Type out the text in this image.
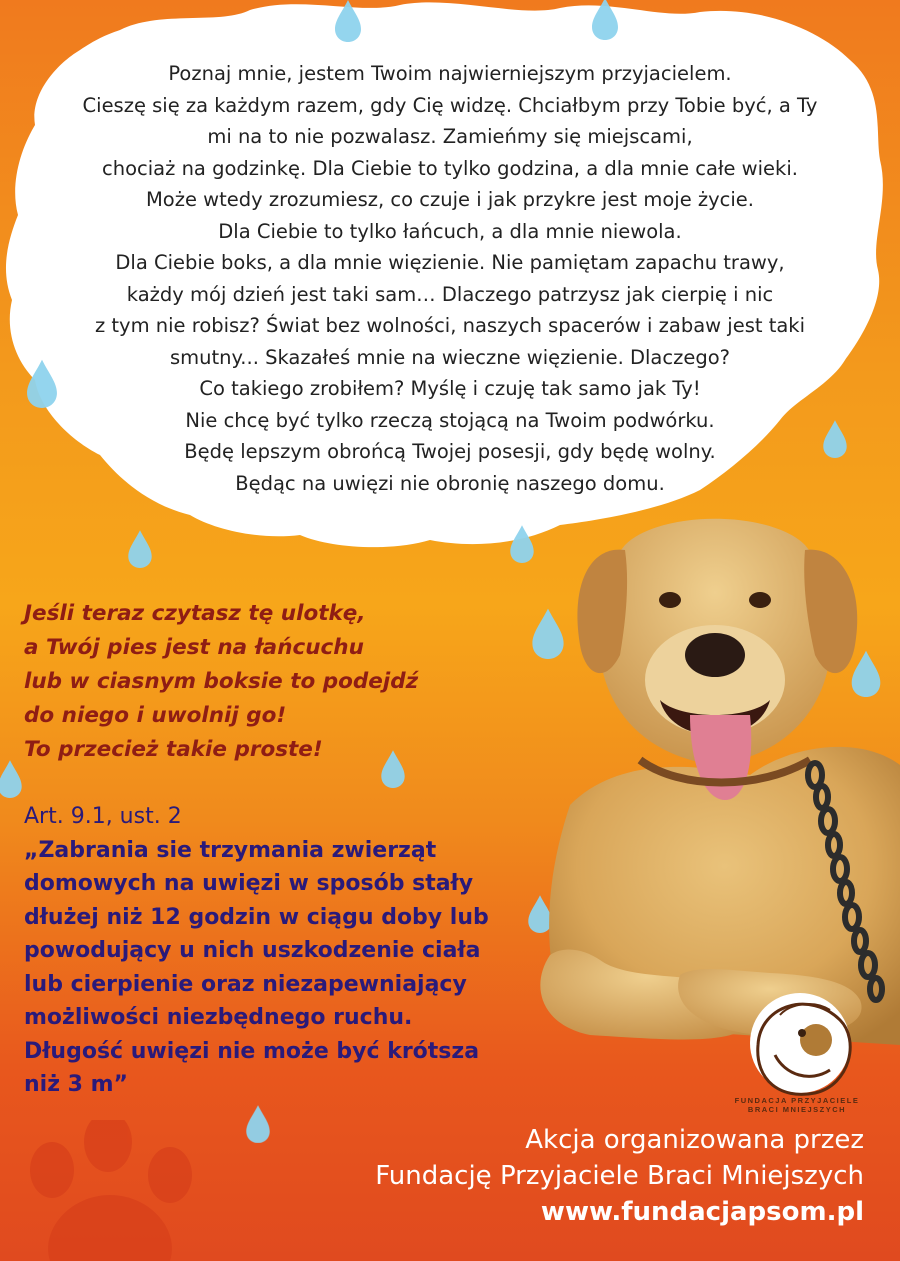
FUNDACJA PRZYJACIELE
BRACI MNIEJSZYCH
Poznaj mnie, jestem Twoim najwierniejszym przyjacielem.
Cieszę się za każdym razem, gdy Cię widzę. Chciałbym przy Tobie być, a Ty
mi na to nie pozwalasz. Zamieńmy się miejscami,
chociaż na godzinkę. Dla Ciebie to tylko godzina, a dla mnie całe wieki.
Może wtedy zrozumiesz, co czuje i jak przykre jest moje życie.
Dla Ciebie to tylko łańcuch, a dla mnie niewola.
Dla Ciebie boks, a dla mnie więzienie. Nie pamiętam zapachu trawy,
każdy mój dzień jest taki sam… Dlaczego patrzysz jak cierpię i nic
z tym nie robisz? Świat bez wolności, naszych spacerów i zabaw jest taki
smutny... Skazałeś mnie na wieczne więzienie. Dlaczego?
Co takiego zrobiłem? Myślę i czuję tak samo jak Ty!
Nie chcę być tylko rzeczą stojącą na Twoim podwórku.
Będę lepszym obrońcą Twojej posesji, gdy będę wolny.
Będąc na uwięzi nie obronię naszego domu.
Jeśli teraz czytasz tę ulotkę,
a Twój pies jest na łańcuchu
lub w ciasnym boksie to podejdź
do niego i uwolnij go!
To przecież takie proste!
Art. 9.1, ust. 2
„Zabrania sie trzymania zwierząt
domowych na uwięzi w sposób stały
dłużej niż 12 godzin w ciągu doby lub
powodujący u nich uszkodzenie ciała
lub cierpienie oraz niezapewniający
możliwości niezbędnego ruchu.
Długość uwięzi nie może być krótsza
niż 3 m”
Akcja organizowana przez
Fundację Przyjaciele Braci Mniejszych
www.fundacjapsom.pl
